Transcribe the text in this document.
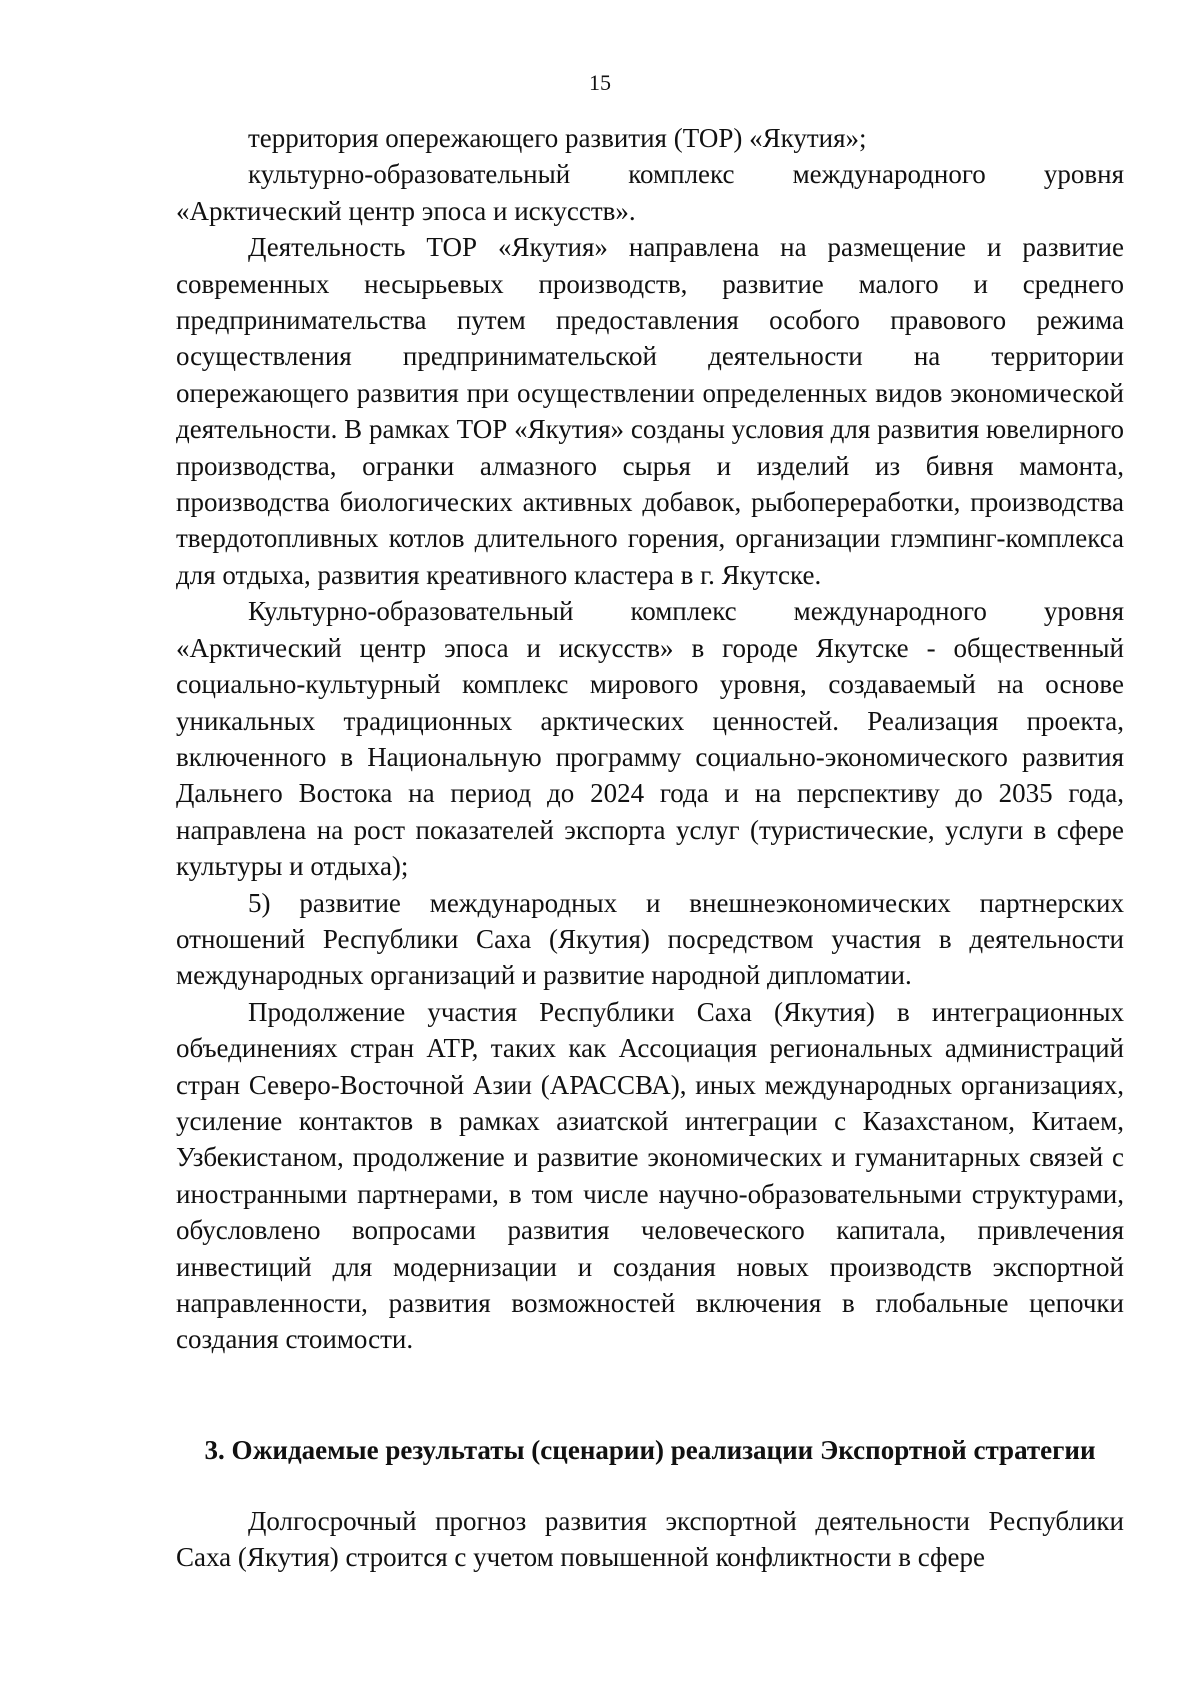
15

территория опережающего развития (ТОР) «Якутия»;

культурно-образовательный комплекс международного уровня «Арктический центр эпоса и искусств».

Деятельность ТОР «Якутия» направлена на размещение и развитие современных несырьевых производств, развитие малого и среднего предпринимательства путем предоставления особого правового режима осуществления предпринимательской деятельности на территории опережающего развития при осуществлении определенных видов экономической деятельности. В рамках ТОР «Якутия» созданы условия для развития ювелирного производства, огранки алмазного сырья и изделий из бивня мамонта, производства биологических активных добавок, рыбопереработки, производства твердотопливных котлов длительного горения, организации глэмпинг-комплекса для отдыха, развития креативного кластера в г. Якутске.

Культурно-образовательный комплекс международного уровня «Арктический центр эпоса и искусств» в городе Якутске - общественный социально-культурный комплекс мирового уровня, создаваемый на основе уникальных традиционных арктических ценностей. Реализация проекта, включенного в Национальную программу социально-экономического развития Дальнего Востока на период до 2024 года и на перспективу до 2035 года, направлена на рост показателей экспорта услуг (туристические, услуги в сфере культуры и отдыха);

5) развитие международных и внешнеэкономических партнерских отношений Республики Саха (Якутия) посредством участия в деятельности международных организаций и развитие народной дипломатии.

Продолжение участия Республики Саха (Якутия) в интеграционных объединениях стран АТР, таких как Ассоциация региональных администраций стран Северо-Восточной Азии (АРАССВА), иных международных организациях, усиление контактов в рамках азиатской интеграции с Казахстаном, Китаем, Узбекистаном, продолжение и развитие экономических и гуманитарных связей с иностранными партнерами, в том числе научно-образовательными структурами, обусловлено вопросами развития человеческого капитала, привлечения инвестиций для модернизации и создания новых производств экспортной направленности, развития возможностей включения в глобальные цепочки создания стоимости.

3. Ожидаемые результаты (сценарии) реализации Экспортной стратегии

Долгосрочный прогноз развития экспортной деятельности Республики Саха (Якутия) строится с учетом повышенной конфликтности в сфере
